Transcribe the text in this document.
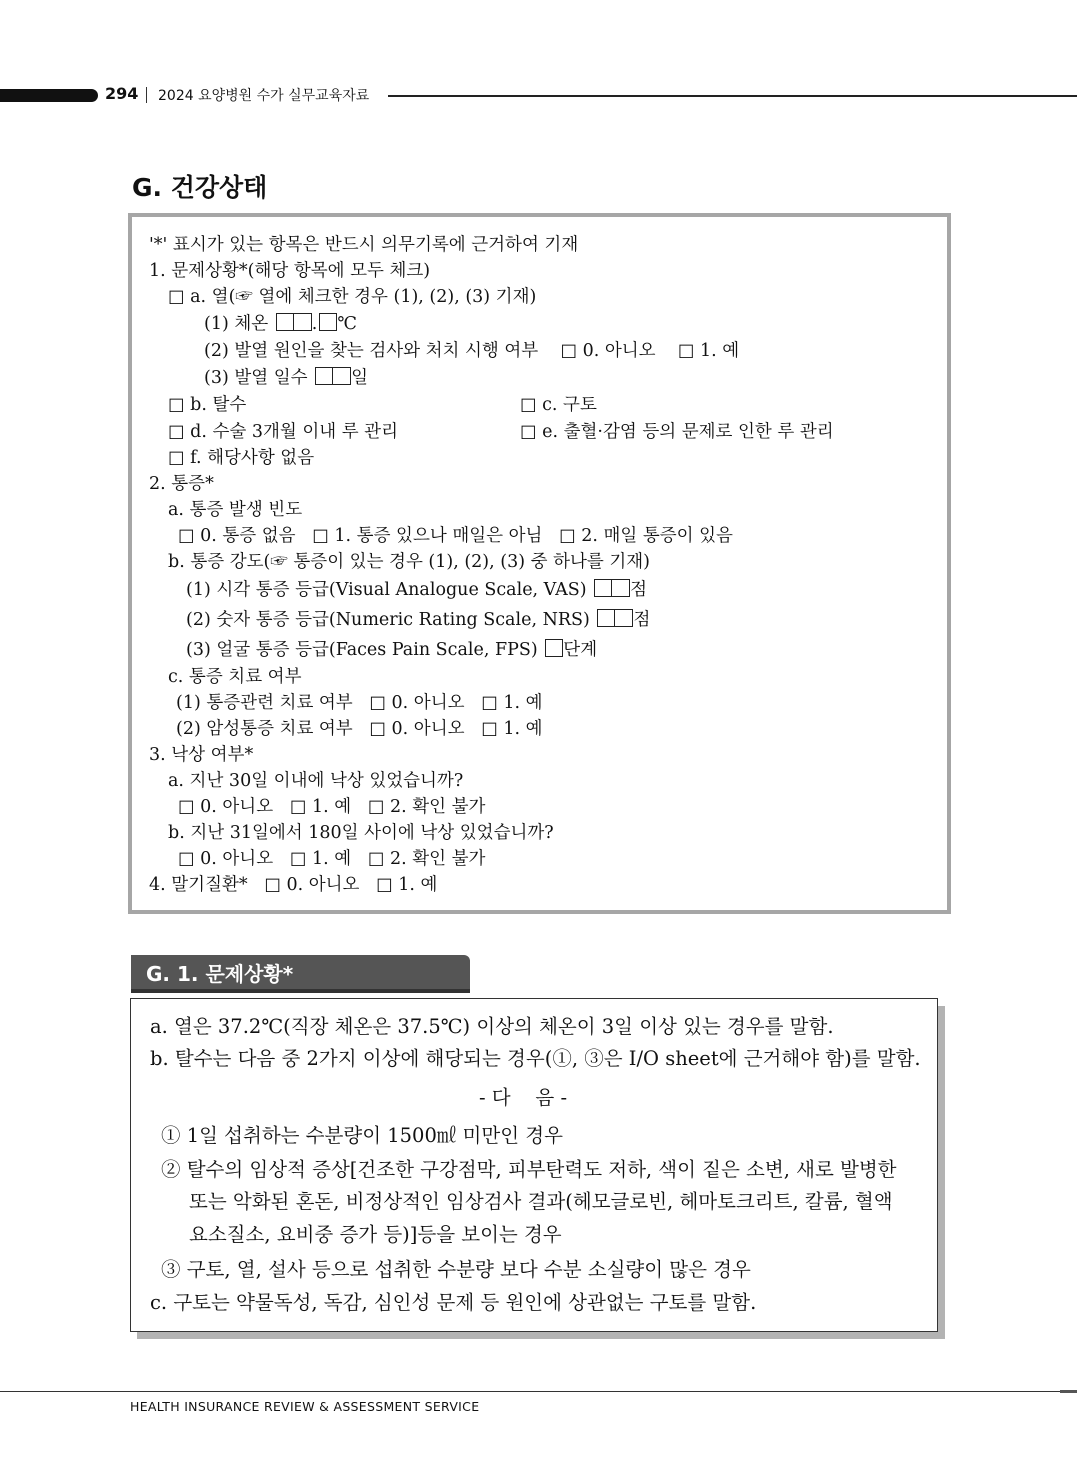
294 2024 요양병원 수가 실무교육자료
G. 건강상태
'*' 표시가 있는 항목은 반드시 의무기록에 근거하여 기재
1. 문제상황*(해당 항목에 모두 체크)
□ a. 열(☞ 열에 체크한 경우 (1), (2), (3) 기재)
(1) 체온 . ℃
(2) 발열 원인을 찾는 검사와 처치 시행 여부 □ 0. 아니오 □ 1. 예
(3) 발열 일수 일
□ b. 탈수	□ c. 구토
□ d. 수술 3개월 이내 루 관리	□ e. 출혈·감염 등의 문제로 인한 루 관리
□ f. 해당사항 없음
2. 통증*
a. 통증 발생 빈도
□ 0. 통증 없음 □ 1. 통증 있으나 매일은 아님 □ 2. 매일 통증이 있음
b. 통증 강도(☞ 통증이 있는 경우 (1), (2), (3) 중 하나를 기재)
(1) 시각 통증 등급(Visual Analogue Scale, VAS) 점
(2) 숫자 통증 등급(Numeric Rating Scale, NRS) 점
(3) 얼굴 통증 등급(Faces Pain Scale, FPS) 단계
c. 통증 치료 여부
(1) 통증관련 치료 여부 □ 0. 아니오 □ 1. 예
(2) 암성통증 치료 여부 □ 0. 아니오 □ 1. 예
3. 낙상 여부*
a. 지난 30일 이내에 낙상 있었습니까?
□ 0. 아니오 □ 1. 예 □ 2. 확인 불가
b. 지난 31일에서 180일 사이에 낙상 있었습니까?
□ 0. 아니오 □ 1. 예 □ 2. 확인 불가
4. 말기질환* □ 0. 아니오 □ 1. 예
G. 1. 문제상황*
a. 열은 37.2℃(직장 체온은 37.5℃) 이상의 체온이 3일 이상 있는 경우를 말함.
b. 탈수는 다음 중 2가지 이상에 해당되는 경우(①, ③은 I/O sheet에 근거해야 함)를 말함.
- 다    음 -
① 1일 섭취하는 수분량이 1500㎖ 미만인 경우
② 탈수의 임상적 증상[건조한 구강점막, 피부탄력도 저하, 색이 짙은 소변, 새로 발병한
또는 악화된 혼돈, 비정상적인 임상검사 결과(헤모글로빈, 헤마토크리트, 칼륨, 혈액
요소질소, 요비중 증가 등)]등을 보이는 경우
③ 구토, 열, 설사 등으로 섭취한 수분량 보다 수분 소실량이 많은 경우
c. 구토는 약물독성, 독감, 심인성 문제 등 원인에 상관없는 구토를 말함.
HEALTH INSURANCE REVIEW & ASSESSMENT SERVICE
